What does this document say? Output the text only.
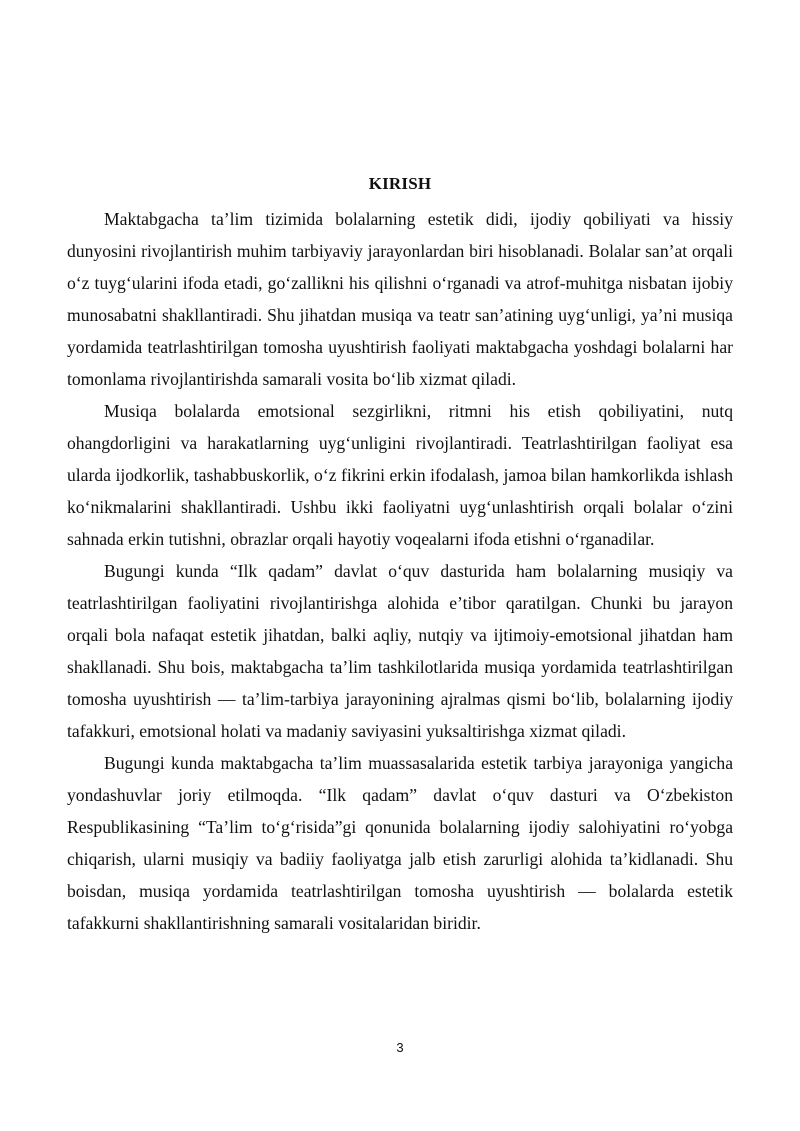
KIRISH

Maktabgacha ta’lim tizimida bolalarning estetik didi, ijodiy qobiliyati va hissiy dunyosini rivojlantirish muhim tarbiyaviy jarayonlardan biri hisoblanadi. Bolalar san’at orqali o‘z tuyg‘ularini ifoda etadi, go‘zallikni his qilishni o‘rganadi va atrof-muhitga nisbatan ijobiy munosabatni shakllantiradi. Shu jihatdan musiqa va teatr san’atining uyg‘unligi, ya’ni musiqa yordamida teatrlashtirilgan tomosha uyushtirish faoliyati maktabgacha yoshdagi bolalarni har tomonlama rivojlantirishda samarali vosita bo‘lib xizmat qiladi.

Musiqa bolalarda emotsional sezgirlikni, ritmni his etish qobiliyatini, nutq ohangdorligini va harakatlarning uyg‘unligini rivojlantiradi. Teatrlashtirilgan faoliyat esa ularda ijodkorlik, tashabbuskorlik, o‘z fikrini erkin ifodalash, jamoa bilan hamkorlikda ishlash ko‘nikmalarini shakllantiradi. Ushbu ikki faoliyatni uyg‘unlashtirish orqali bolalar o‘zini sahnada erkin tutishni, obrazlar orqali hayotiy voqealarni ifoda etishni o‘rganadilar.

Bugungi kunda “Ilk qadam” davlat o‘quv dasturida ham bolalarning musiqiy va teatrlashtirilgan faoliyatini rivojlantirishga alohida e’tibor qaratilgan. Chunki bu jarayon orqali bola nafaqat estetik jihatdan, balki aqliy, nutqiy va ijtimoiy-emotsional jihatdan ham shakllanadi. Shu bois, maktabgacha ta’lim tashkilotlarida musiqa yordamida teatrlashtirilgan tomosha uyushtirish — ta’lim-tarbiya jarayonining ajralmas qismi bo‘lib, bolalarning ijodiy tafakkuri, emotsional holati va madaniy saviyasini yuksaltirishga xizmat qiladi.

Bugungi kunda maktabgacha ta’lim muassasalarida estetik tarbiya jarayoniga yangicha yondashuvlar joriy etilmoqda. “Ilk qadam” davlat o‘quv dasturi va O‘zbekiston Respublikasining “Ta’lim to‘g‘risida”gi qonunida bolalarning ijodiy salohiyatini ro‘yobga chiqarish, ularni musiqiy va badiiy faoliyatga jalb etish zarurligi alohida ta’kidlanadi. Shu boisdan, musiqa yordamida teatrlashtirilgan tomosha uyushtirish — bolalarda estetik tafakkurni shakllantirishning samarali vositalaridan biridir.

3
